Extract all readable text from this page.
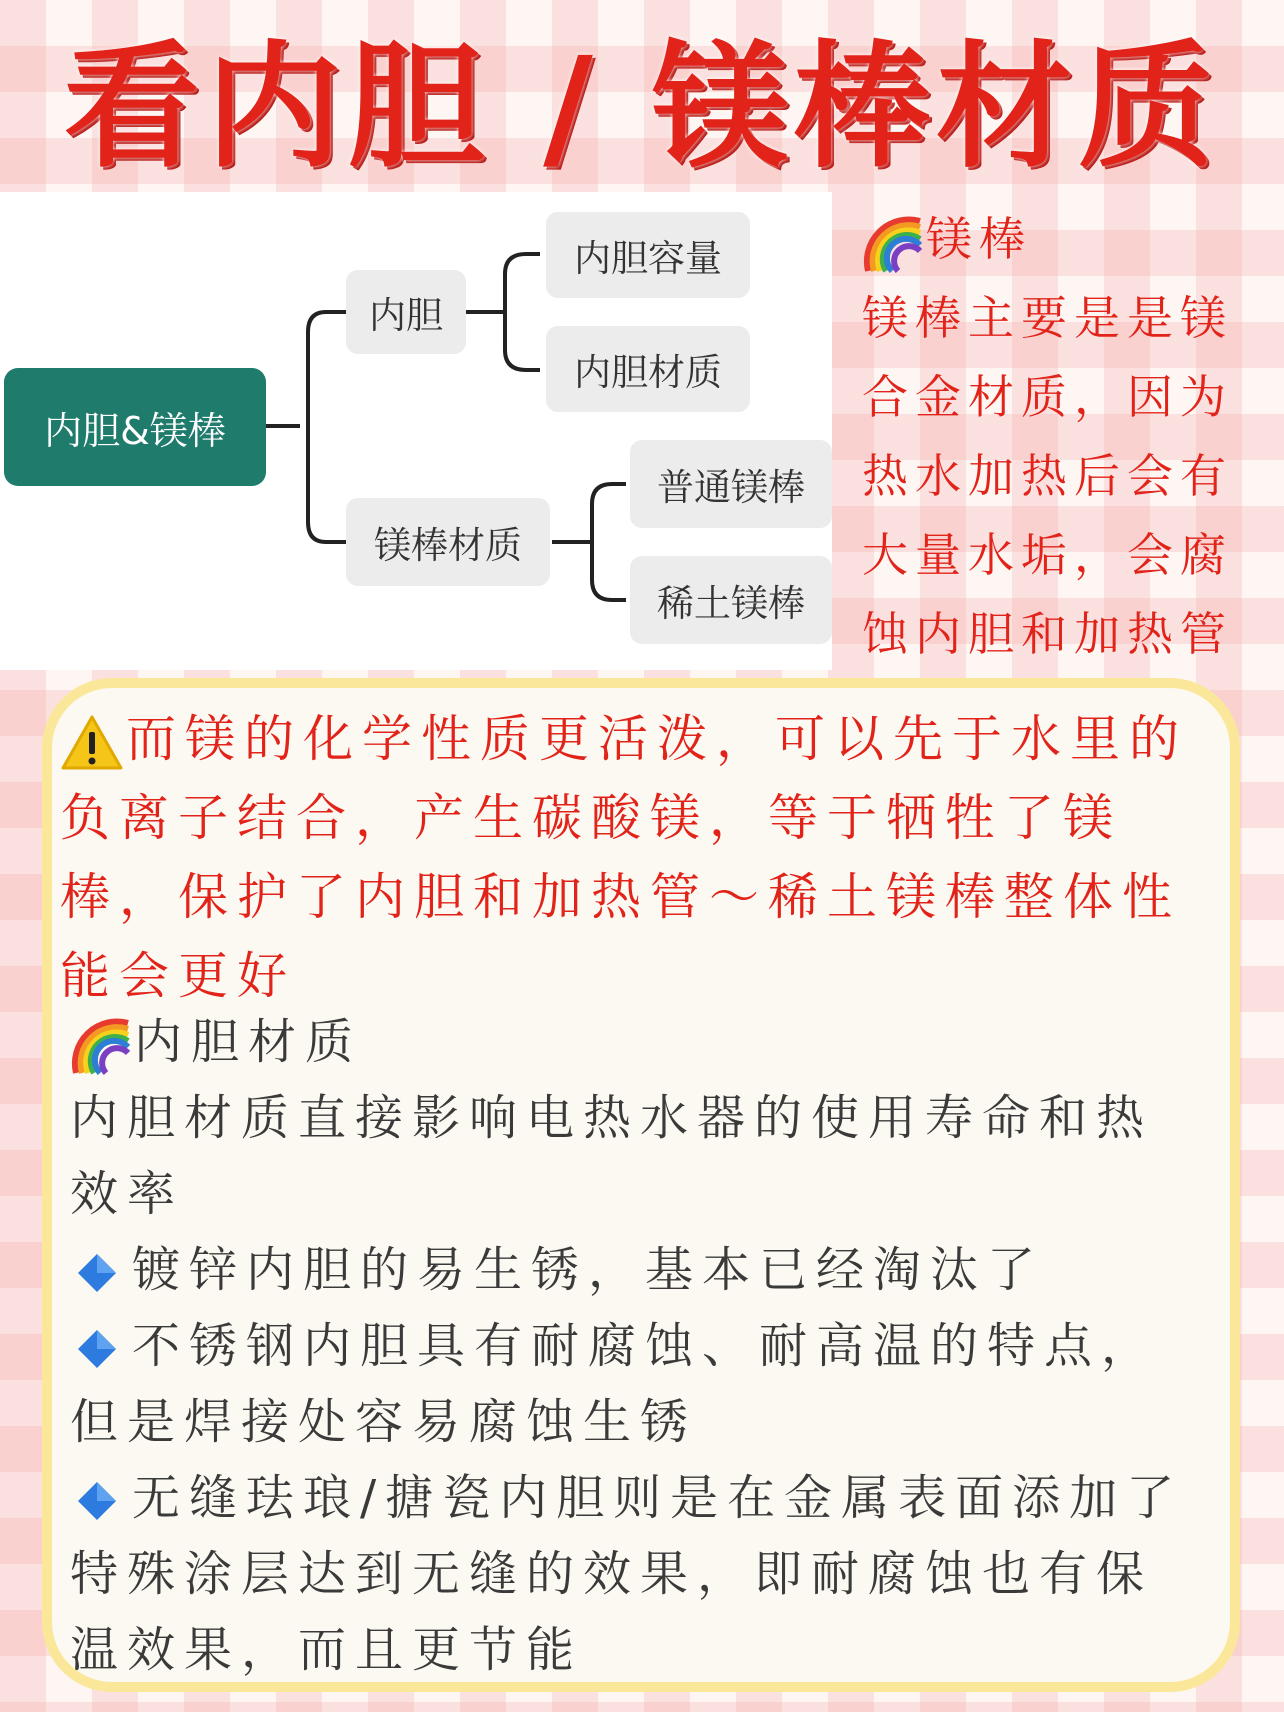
看内胆 / 镁棒材质
内胆&镁棒
内胆
内胆容量
内胆材质
镁棒材质
普通镁棒
稀土镁棒
镁棒
镁棒主要是是镁
合金材质，因为
热水加热后会有
大量水垢，会腐
蚀内胆和加热管
而镁的化学性质更活泼，可以先于水里的
负离子结合，产生碳酸镁，等于牺牲了镁
棒，保护了内胆和加热管～稀土镁棒整体性
能会更好
内胆材质
内胆材质直接影响电热水器的使用寿命和热
效率
镀锌内胆的易生锈，基本已经淘汰了
不锈钢内胆具有耐腐蚀、耐高温的特点，
但是焊接处容易腐蚀生锈
无缝珐琅/搪瓷内胆则是在金属表面添加了
特殊涂层达到无缝的效果，即耐腐蚀也有保
温效果，而且更节能
